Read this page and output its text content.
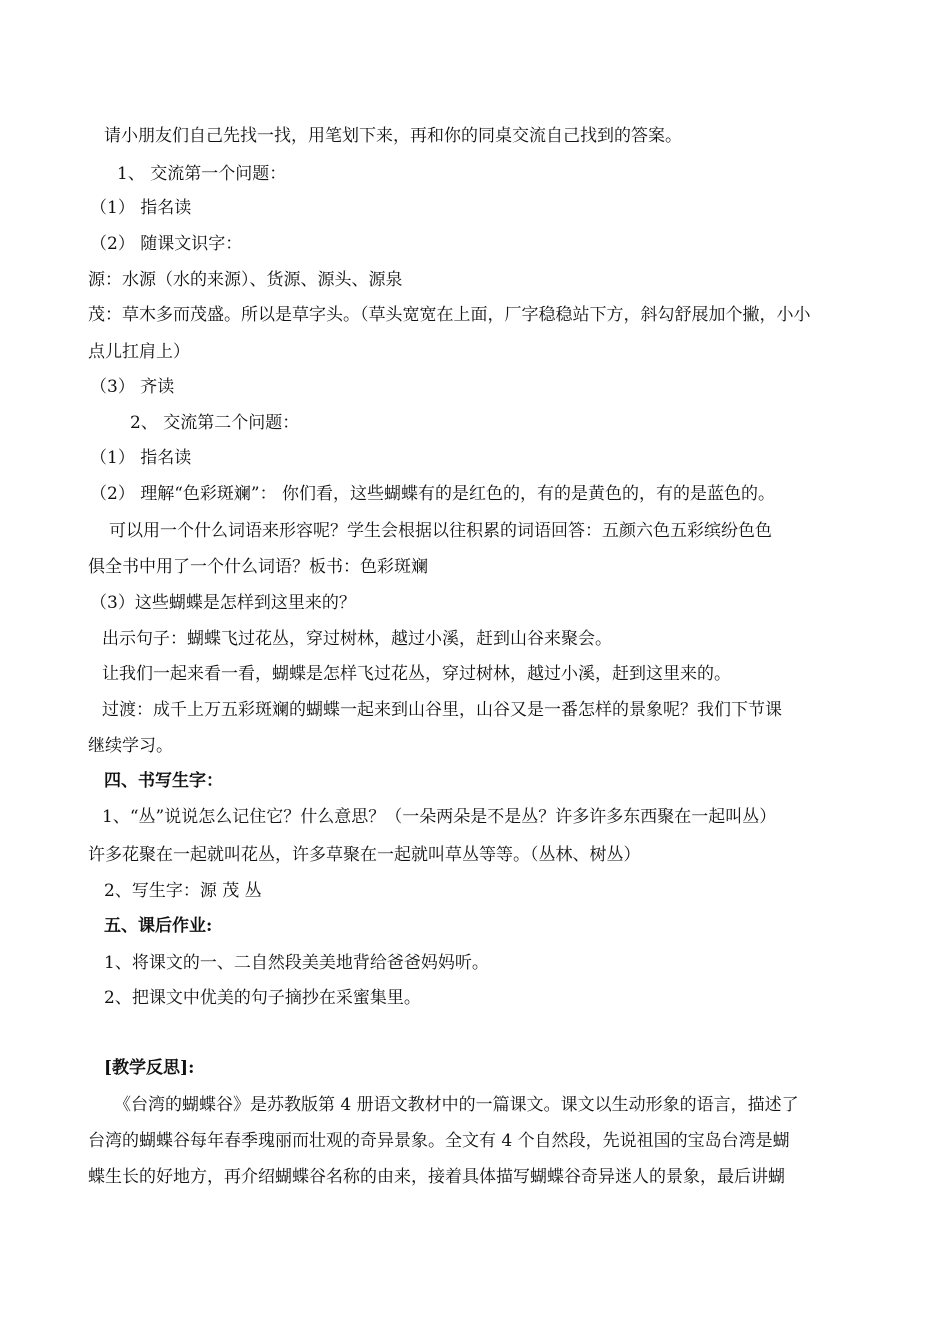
请小朋友们自己先找一找，用笔划下来，再和你的同桌交流自己找到的答案。
1、 交流第一个问题：
（1） 指名读
（2） 随课文识字：
源：水源（水的来源）、货源、源头、源泉
茂：草木多而茂盛。所以是草字头。（草头宽宽在上面，厂字稳稳站下方，斜勾舒展加个撇，小小
点儿扛肩上）
（3） 齐读
2、 交流第二个问题：
（1） 指名读
（2） 理解“色彩斑斓”： 你们看，这些蝴蝶有的是红色的，有的是黄色的，有的是蓝色的。
可以用一个什么词语来形容呢？学生会根据以往积累的词语回答：五颜六色五彩缤纷色色
俱全书中用了一个什么词语？板书：色彩斑斓
（3）这些蝴蝶是怎样到这里来的？
出示句子：蝴蝶飞过花丛，穿过树林，越过小溪，赶到山谷来聚会。
让我们一起来看一看，蝴蝶是怎样飞过花丛，穿过树林，越过小溪，赶到这里来的。
过渡：成千上万五彩斑斓的蝴蝶一起来到山谷里，山谷又是一番怎样的景象呢？我们下节课
继续学习。
四、书写生字：
1、“丛”说说怎么记住它？什么意思？（一朵两朵是不是丛？许多许多东西聚在一起叫丛）
许多花聚在一起就叫花丛，许多草聚在一起就叫草丛等等。（丛林、树丛）
2、写生字：源 茂 丛
五、课后作业:
1、将课文的一、二自然段美美地背给爸爸妈妈听。
2、把课文中优美的句子摘抄在采蜜集里。
[教学反思]:
《台湾的蝴蝶谷》是苏教版第 4 册语文教材中的一篇课文。课文以生动形象的语言，描述了
台湾的蝴蝶谷每年春季瑰丽而壮观的奇异景象。全文有 4 个自然段，先说祖国的宝岛台湾是蝴
蝶生长的好地方，再介绍蝴蝶谷名称的由来，接着具体描写蝴蝶谷奇异迷人的景象，最后讲蝴
